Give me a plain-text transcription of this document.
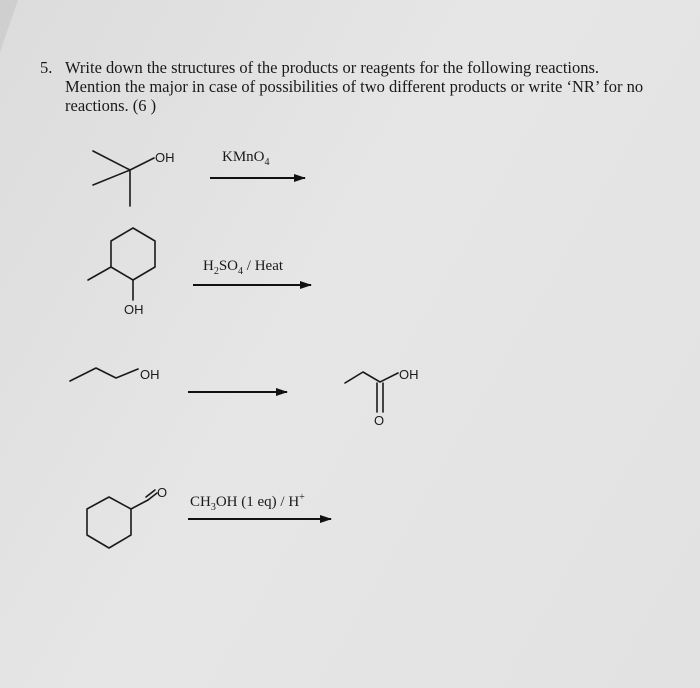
5. Write down the structures of the products or reagents for the following reactions.
Mention the major in case of possibilities of two different products or write ‘NR’ for no
reactions. (6 )
OH	KMnO$_4$
OH
$H_2SO_4$ / Heat
OH	OH
O
O
$CH_3OH$ (1 eq) / H+
